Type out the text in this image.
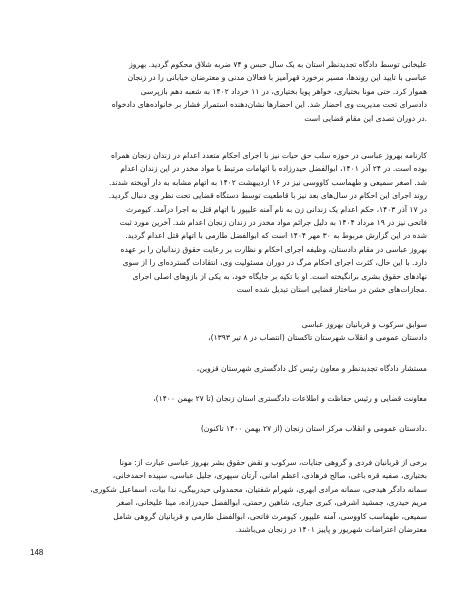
علیخانی توسط دادگاه تجدیدنظر استان به یک سال حبس و ۷۴ ضربه شلاق محکوم گردید. بهروز
عباسی با تایید این روندها، مسیر برخورد قهرآمیز با فعالان مدنی و معترضان خیابانی را در زنجان
هموار کرد. حتی مونا بختیاری، خواهر پویا بختیاری، در ۱۱ خرداد ۱۴۰۲ به شعبه دهم بازپرسی
دادسرای تحت مدیریت وی احضار شد. این احضارها نشان‌دهنده استمرار فشار بر خانواده‌های دادخواه
.در دوران تصدی این مقام قضایی است
کارنامه بهروز عباسی در حوزه سلب حق حیات نیز با اجرای احکام متعدد اعدام در زندان زنجان همراه
بوده است. در ۲۴ آذر ۱۴۰۱، ابوالفضل حیدرزاده با اتهامات مرتبط با مواد مخدر در این زندان اعدام
شد. اصغر سمیعی و طهماسب کاووسی نیز در ۱۶ اردیبهشت ۱۴۰۲ به اتهام مشابه به دار آویخته شدند.
روند اجرای این احکام در سال‌های بعد نیز با قاطعیت توسط دستگاه قضایی تحت نظر وی دنبال گردید.
در ۱۷ آذر ۱۴۰۳، حکم اعدام یک زندانی زن به نام آمنه علیپور با اتهام قتل به اجرا درآمد. کیومرث
فاتحی نیز در ۱۹ مرداد ۱۴۰۴ به دلیل جرائم مواد مخدر در زندان زنجان اعدام شد. آخرین مورد ثبت
شده در این گزارش مربوط به ۳۰ مهر ۱۴۰۴ است که ابوالفضل طارمی با اتهام قتل اعدام گردید.
بهروز عباسی در مقام دادستان، وظیفه اجرای احکام و نظارت بر رعایت حقوق زندانیان را بر عهده
دارد. با این حال، کثرت اجرای احکام مرگ در دوران مسئولیت وی، انتقادات گسترده‌ای را از سوی
نهادهای حقوق بشری برانگیخته است. او با تکیه بر جایگاه خود، به یکی از بازوهای اصلی اجرای
.مجازات‌های خشن در ساختار قضایی استان تبدیل شده است
سوابق سرکوب و قربانیان بهروز عباسی
دادستان عمومی و انقلاب شهرستان تاکستان (انتصاب در ۸ تیر ۱۳۹۳)،
مستشار دادگاه تجدیدنظر و معاون رئیس کل دادگستری شهرستان قزوین،
معاونت قضایی و رئیس حفاظت و اطلاعات دادگستری استان زنجان (تا ۲۷ بهمن ۱۴۰۰)،
.دادستان عمومی و انقلاب مرکز استان زنجان (از ۲۷ بهمن ۱۴۰۰ تاکنون)
برخی از قربانیان فردی و گروهی جنایات، سرکوب و نقض حقوق بشر بهروز عباسی عبارت از: مونا
بختیاری، صفیه قره باغی، صالح فرهادی، اعظم امانی، آرتان سپهری، جلیل عباسی، سپیده احمدخانی،
سمانه دادگر هیدجی، سمانه مرادی ابهری، شهرام شفتیان، محمدولی حیدربیگی، ندا بیات، اسماعیل شکوری،
مریم حیدری، جمشید اشرفی، کبری جباری، شاهین رحمتی، ابوالفضل حیدرزاده، مینا علیخانی، اصغر
سمیعی، طهماسب کاووسی، آمنه علیپور، کیومرث فاتحی، ابوالفضل طارمی و قربانیان گروهی شامل
معترضان اعتراضات شهریور و پاییز ۱۴۰۱ در زنجان می‌باشند.
148
